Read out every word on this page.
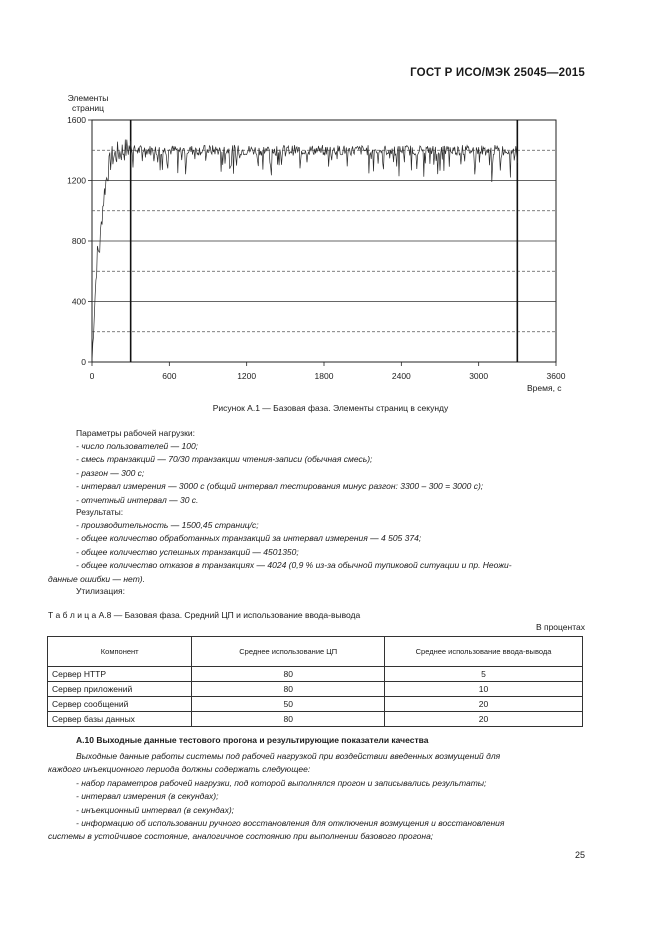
ГОСТ Р ИСО/МЭК 25045—2015
Элементы страниц
Время, с
0
400
800
1200
1600
0	600	1200	1800	2400	3000	3600
Рисунок А.1 — Базовая фаза. Элементы страниц в секунду
Параметры рабочей нагрузки:
- число пользователей — 100;
- смесь транзакций — 70/30 транзакции чтения-записи (обычная смесь);
- разгон — 300 с;
- интервал измерения — 3000 с (общий интервал тестирования минус разгон: 3300 – 300 = 3000 с);
- отчетный интервал — 30 с.
Результаты:
- производительность — 1500,45 страниц/с;
- общее количество обработанных транзакций за интервал измерения — 4 505 374;
- общее количество успешных транзакций — 4501350;
- общее количество отказов в транзакциях — 4024 (0,9 % из-за обычной тупиковой ситуации и пр. Неожи-
данные ошибки — нет).
Утилизация:
Т а б л и ц а А.8 — Базовая фаза. Средний ЦП и использование ввода-вывода
В процентах
Компонент	Среднее использование ЦП	Среднее использование ввода-вывода
Сервер HTTP	80	5
Сервер приложений	80	10
Сервер сообщений	50	20
Сервер базы данных	80	20
А.10 Выходные данные тестового прогона и результирующие показатели качества
Выходные данные работы системы под рабочей нагрузкой при воздействии введенных возмущений для
каждого инъекционного периода должны содержать следующее:
- набор параметров рабочей нагрузки, под которой выполнялся прогон и записывались результаты;
- интервал измерения (в секундах);
- инъекционный интервал (в секундах);
- информацию об использовании ручного восстановления для отключения возмущения и восстановления
системы в устойчивое состояние, аналогичное состоянию при выполнении базового прогона;
25
